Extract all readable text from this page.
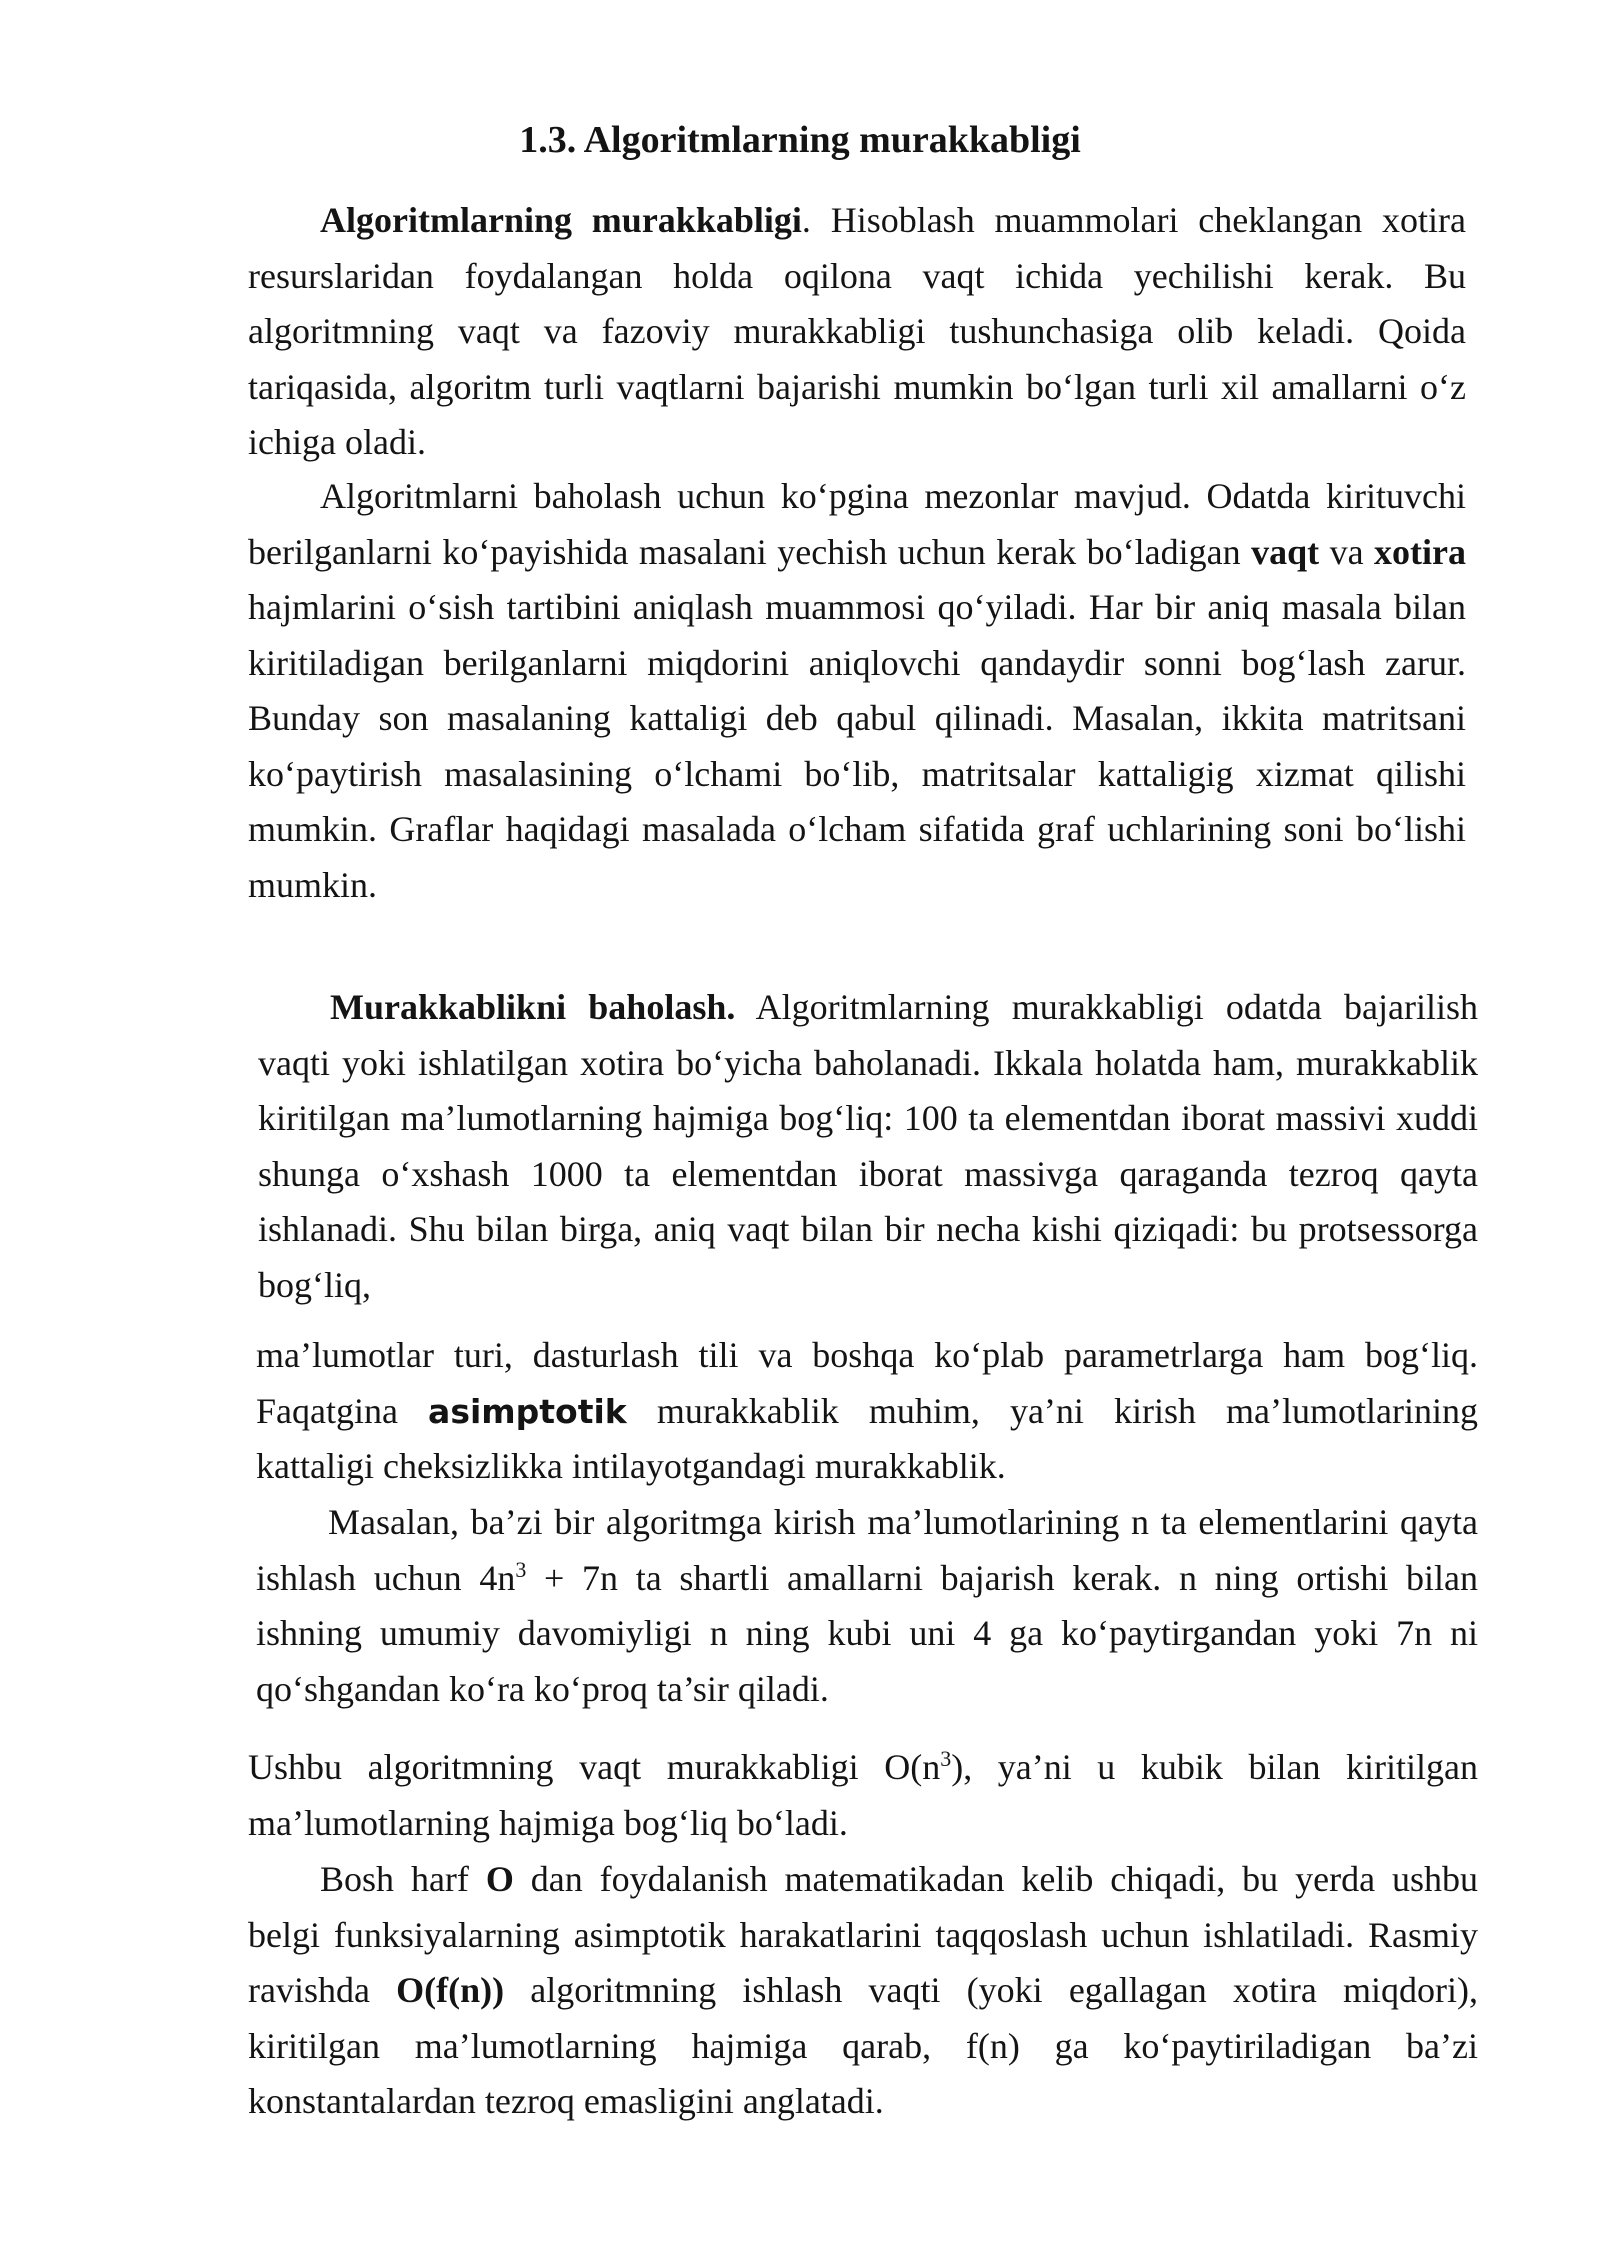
1.3. Algoritmlarning murakkabligi

Algoritmlarning murakkabligi. Hisoblash muammolari cheklangan xotira resurslaridan foydalangan holda oqilona vaqt ichida yechilishi kerak. Bu algoritmning vaqt va fazoviy murakkabligi tushunchasiga olib keladi. Qoida tariqasida, algoritm turli vaqtlarni bajarishi mumkin bo‘lgan turli xil amallarni o‘z ichiga oladi.

Algoritmlarni baholash uchun ko‘pgina mezonlar mavjud. Odatda kirituvchi berilganlarni ko‘payishida masalani yechish uchun kerak bo‘ladigan vaqt va xotira hajmlarini o‘sish tartibini aniqlash muammosi qo‘yiladi. Har bir aniq masala bilan kiritiladigan berilganlarni miqdorini aniqlovchi qandaydir sonni bog‘lash zarur. Bunday son masalaning kattaligi deb qabul qilinadi. Masalan, ikkita matritsani ko‘paytirish masalasining o‘lchami bo‘lib, matritsalar kattaligig xizmat qilishi mumkin. Graflar haqidagi masalada o‘lcham sifatida graf uchlarining soni bo‘lishi mumkin.

Murakkablikni baholash. Algoritmlarning murakkabligi odatda bajarilish vaqti yoki ishlatilgan xotira bo‘yicha baholanadi. Ikkala holatda ham, murakkablik kiritilgan ma’lumotlarning hajmiga bog‘liq: 100 ta elementdan iborat massivi xuddi shunga o‘xshash 1000 ta elementdan iborat massivga qaraganda tezroq qayta ishlanadi. Shu bilan birga, aniq vaqt bilan bir necha kishi qiziqadi: bu protsessorga bog‘liq,

ma’lumotlar turi, dasturlash tili va boshqa ko‘plab parametrlarga ham bog‘liq. Faqatgina asimptotik murakkablik muhim, ya’ni kirish ma’lumotlarining kattaligi cheksizlikka intilayotgandagi murakkablik.

Masalan, ba’zi bir algoritmga kirish ma’lumotlarining n ta elementlarini qayta ishlash uchun $4n^3 + 7n$ ta shartli amallarni bajarish kerak. n ning ortishi bilan ishning umumiy davomiyligi n ning kubi uni 4 ga ko‘paytirgandan yoki 7n ni qo‘shgandan ko‘ra ko‘proq ta’sir qiladi.

Ushbu algoritmning vaqt murakkabligi $O(n^3)$, ya’ni u kubik bilan kiritilgan ma’lumotlarning hajmiga bog‘liq bo‘ladi.

Bosh harf O dan foydalanish matematikadan kelib chiqadi, bu yerda ushbu belgi funksiyalarning asimptotik harakatlarini taqqoslash uchun ishlatiladi. Rasmiy ravishda O(f(n)) algoritmning ishlash vaqti (yoki egallagan xotira miqdori), kiritilgan ma’lumotlarning hajmiga qarab, f(n) ga ko‘paytiriladigan ba’zi konstantalardan tezroq emasligini anglatadi.
